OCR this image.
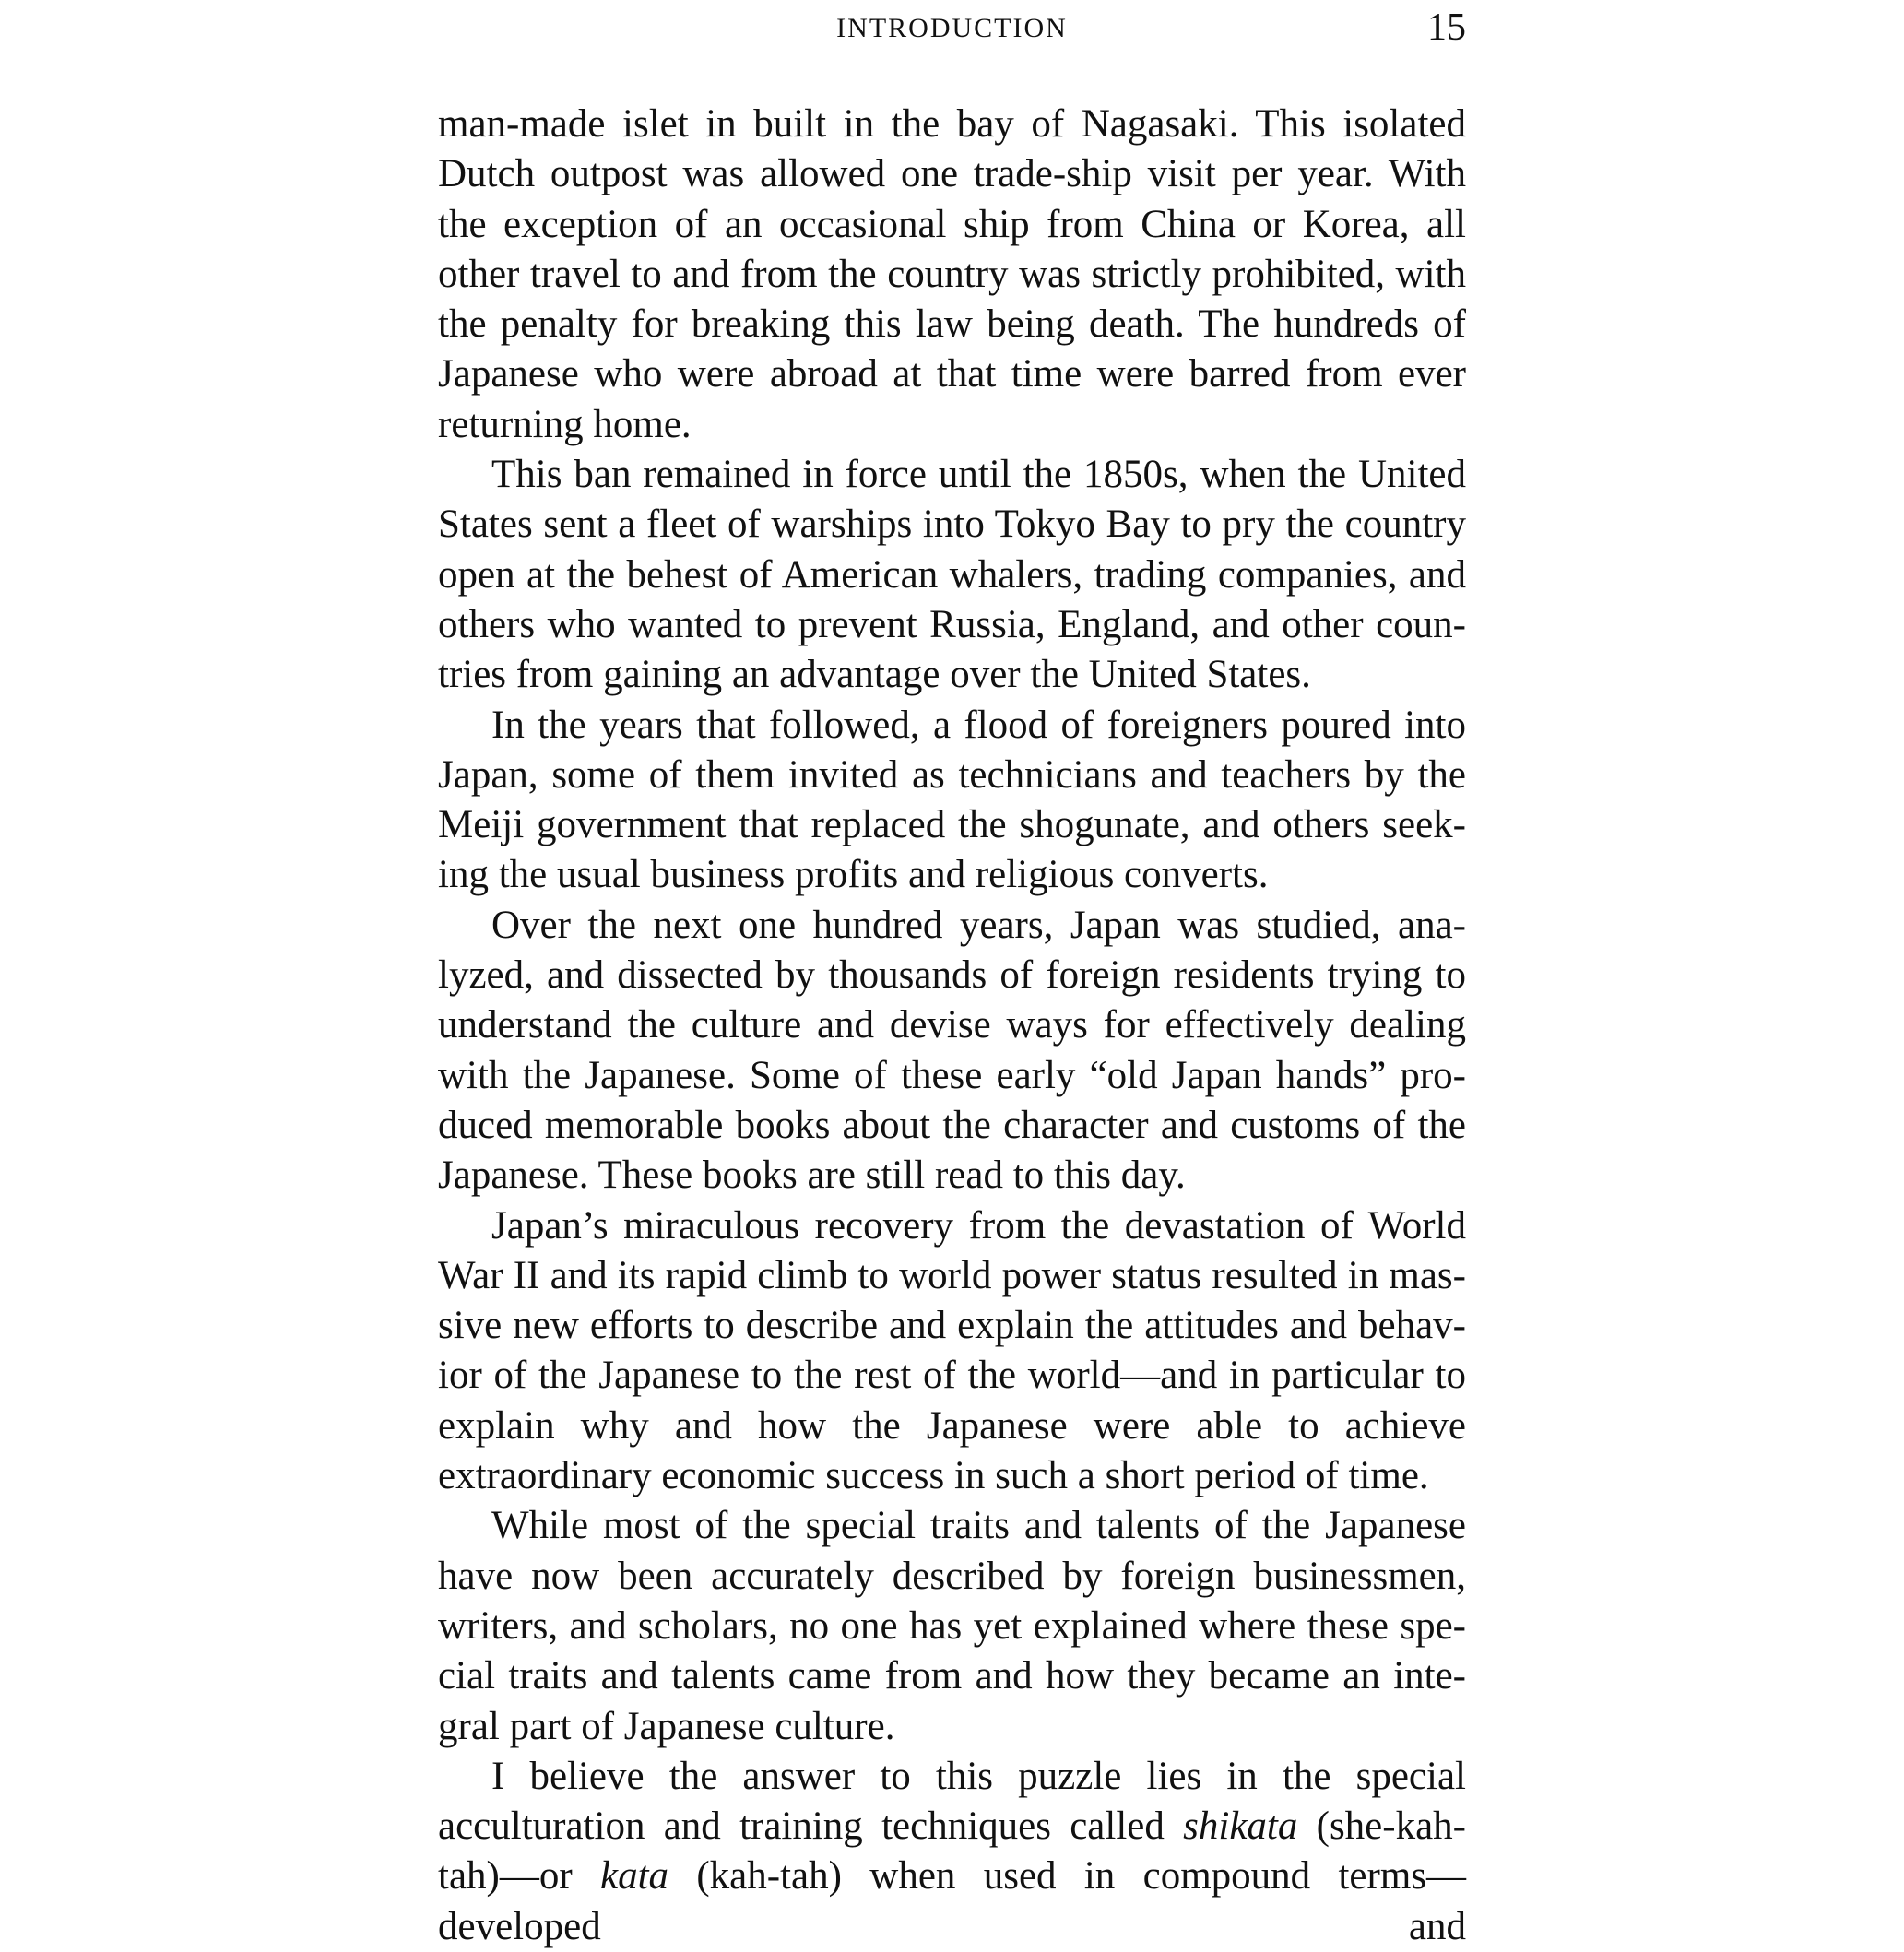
INTRODUCTION	15

man-made islet in built in the bay of Nagasaki. This isolated Dutch outpost was allowed one trade-ship visit per year. With the exception of an occasional ship from China or Korea, all other travel to and from the country was strictly prohibited, with the penalty for breaking this law being death. The hundreds of Japanese who were abroad at that time were barred from ever returning home.

This ban remained in force until the 1850s, when the United States sent a fleet of warships into Tokyo Bay to pry the country open at the behest of American whalers, trading companies, and others who wanted to prevent Russia, England, and other countries from gaining an advantage over the United States.

In the years that followed, a flood of foreigners poured into Japan, some of them invited as technicians and teachers by the Meiji government that replaced the shogunate, and others seeking the usual business profits and religious converts.

Over the next one hundred years, Japan was studied, analyzed, and dissected by thousands of foreign residents trying to understand the culture and devise ways for effectively dealing with the Japanese. Some of these early “old Japan hands” produced memorable books about the character and customs of the Japanese. These books are still read to this day.

Japan’s miraculous recovery from the devastation of World War II and its rapid climb to world power status resulted in massive new efforts to describe and explain the attitudes and behavior of the Japanese to the rest of the world—and in particular to explain why and how the Japanese were able to achieve extraordinary economic success in such a short period of time.

While most of the special traits and talents of the Japanese have now been accurately described by foreign businessmen, writers, and scholars, no one has yet explained where these special traits and talents came from and how they became an integral part of Japanese culture.

I believe the answer to this puzzle lies in the special acculturation and training techniques called shikata (she-kah-tah)—or kata (kah-tah) when used in compound terms—developed and
